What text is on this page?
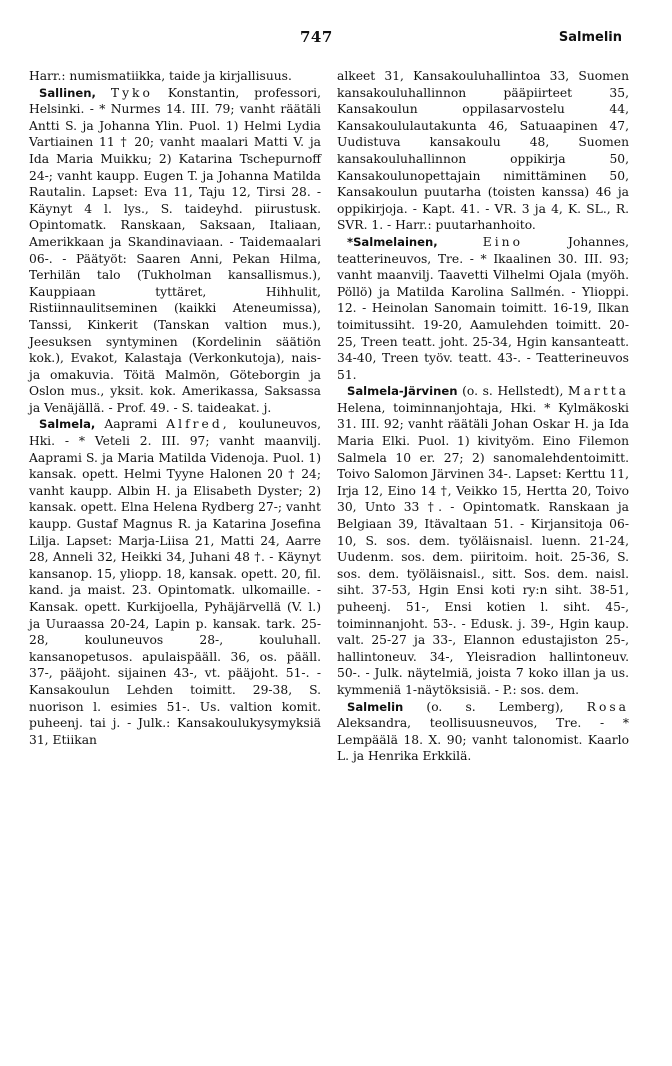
747	Salmelin

Harr.: numismatiikka, taide ja kirjallisuus.

Sallinen, Tyko Konstantin, professori, Helsinki. - * Nurmes 14. III. 79; vanht räätäli Antti S. ja Johanna Ylin. Puol. 1) Helmi Lydia Vartiainen 11 † 20; vanht maalari Matti V. ja Ida Maria Muikku; 2) Katarina Tschepurnoff 24-; vanht kaupp. Eugen T. ja Johanna Matilda Rautalin. Lapset: Eva 11, Taju 12, Tirsi 28. - Käynyt 4 l. lys., S. taideyhd. piirustusk. Opintomatk. Ranskaan, Saksaan, Italiaan, Amerikkaan ja Skandinaviaan. - Taidemaalari 06-. - Päätyöt: Saaren Anni, Pekan Hilma, Terhilän talo (Tukholman kansallismus.), Kauppiaan tyttäret, Hihhulit, Ristiinnaulitseminen (kaikki Ateneumissa), Tanssi, Kinkerit (Tanskan valtion mus.), Jeesuksen syntyminen (Kordelinin säätiön kok.), Evakot, Kalastaja (Verkonkutoja), nais- ja omakuvia. Töitä Malmön, Göteborgin ja Oslon mus., yksit. kok. Amerikassa, Saksassa ja Venäjällä. - Prof. 49. - S. taideakat. j.

Salmela, Aaprami Alfred, kouluneuvos, Hki. - * Veteli 2. III. 97; vanht maanvilj. Aaprami S. ja Maria Matilda Videnoja. Puol. 1) kansak. opett. Helmi Tyyne Halonen 20 † 24; vanht kaupp. Albin H. ja Elisabeth Dyster; 2) kansak. opett. Elna Helena Rydberg 27-; vanht kaupp. Gustaf Magnus R. ja Katarina Josefina Lilja. Lapset: Marja-Liisa 21, Matti 24, Aarre 28, Anneli 32, Heikki 34, Juhani 48 †. - Käynyt kansanop. 15, yliopp. 18, kansak. opett. 20, fil. kand. ja maist. 23. Opintomatk. ulkomaille. - Kansak. opett. Kurkijoella, Pyhäjärvellä (V. l.) ja Uuraassa 20-24, Lapin p. kansak. tark. 25-28, kouluneuvos 28-, kouluhall. kansanopetusos. apulaispääll. 36, os. pääll. 37-, pääjoht. sijainen 43-, vt. pääjoht. 51-. - Kansakoulun Lehden toimitt. 29-38, S. nuorison l. esimies 51-. Us. valtion komit. puheenj. tai j. - Julk.: Kansakoulukysymyksiä 31, Etiikan

alkeet 31, Kansakouluhallintoa 33, Suomen kansakouluhallinnon pääpiirteet 35, Kansakoulun oppilasarvostelu 44, Kansakoululautakunta 46, Satuaapinen 47, Uudistuva kansakoulu 48, Suomen kansakouluhallinnon oppikirja 50, Kansakoulunopettajain nimittäminen 50, Kansakoulun puutarha (toisten kanssa) 46 ja oppikirjoja. - Kapt. 41. - VR. 3 ja 4, K. SL., R. SVR. 1. - Harr.: puutarhanhoito.

*Salmelainen,	Eino Johannes, teatterineuvos, Tre. - * Ikaalinen 30. III. 93; vanht maanvilj. Taavetti Vilhelmi Ojala (myöh. Pöllö) ja Matilda Karolina Sallmén. - Ylioppi. 12. - Heinolan Sanomain toimitt. 16-19, Ilkan toimitussiht. 19-20, Aamulehden toimitt. 20-25, Treen teatt. joht. 25-34, Hgin kansanteatt. 34-40, Treen työv. teatt. 43-. - Teatterineuvos 51.

Salmela-Järvinen (o. s. Hellstedt), Martta Helena, toiminnanjohtaja, Hki. * Kylmäkoski 31. III. 92; vanht räätäli Johan Oskar H. ja Ida Maria Elki. Puol. 1) kivityöm. Eino Filemon Salmela 10 er. 27; 2) sanomalehdentoimitt. Toivo Salomon Järvinen 34-. Lapset: Kerttu 11, Irja 12, Eino 14 †, Veikko 15, Hertta 20, Toivo 30, Unto 33 †. - Opintomatk. Ranskaan ja Belgiaan 39, Itävaltaan 51. - Kirjansitoja 06-10, S. sos. dem. työläisnaisl. luenn. 21-24, Uudenm. sos. dem. piiritoim. hoit. 25-36, S. sos. dem. työläisnaisl., sitt. Sos. dem. naisl. siht. 37-53, Hgin Ensi koti ry:n siht. 38-51, puheenj. 51-, Ensi kotien l. siht. 45-, toiminnanjoht. 53-. - Edusk. j. 39-, Hgin kaup. valt. 25-27 ja 33-, Elannon edustajiston 25-, hallintoneuv. 34-, Yleisradion hallintoneuv. 50-. - Julk. näytelmiä, joista 7 koko illan ja us. kymmeniä 1-näytöksisiä. - P.: sos. dem.

Salmelin (o. s. Lemberg), Rosa Aleksandra, teollisuusneuvos, Tre. - * Lempäälä 18. X. 90; vanht talonomist. Kaarlo L. ja Henrika Erkkilä.
